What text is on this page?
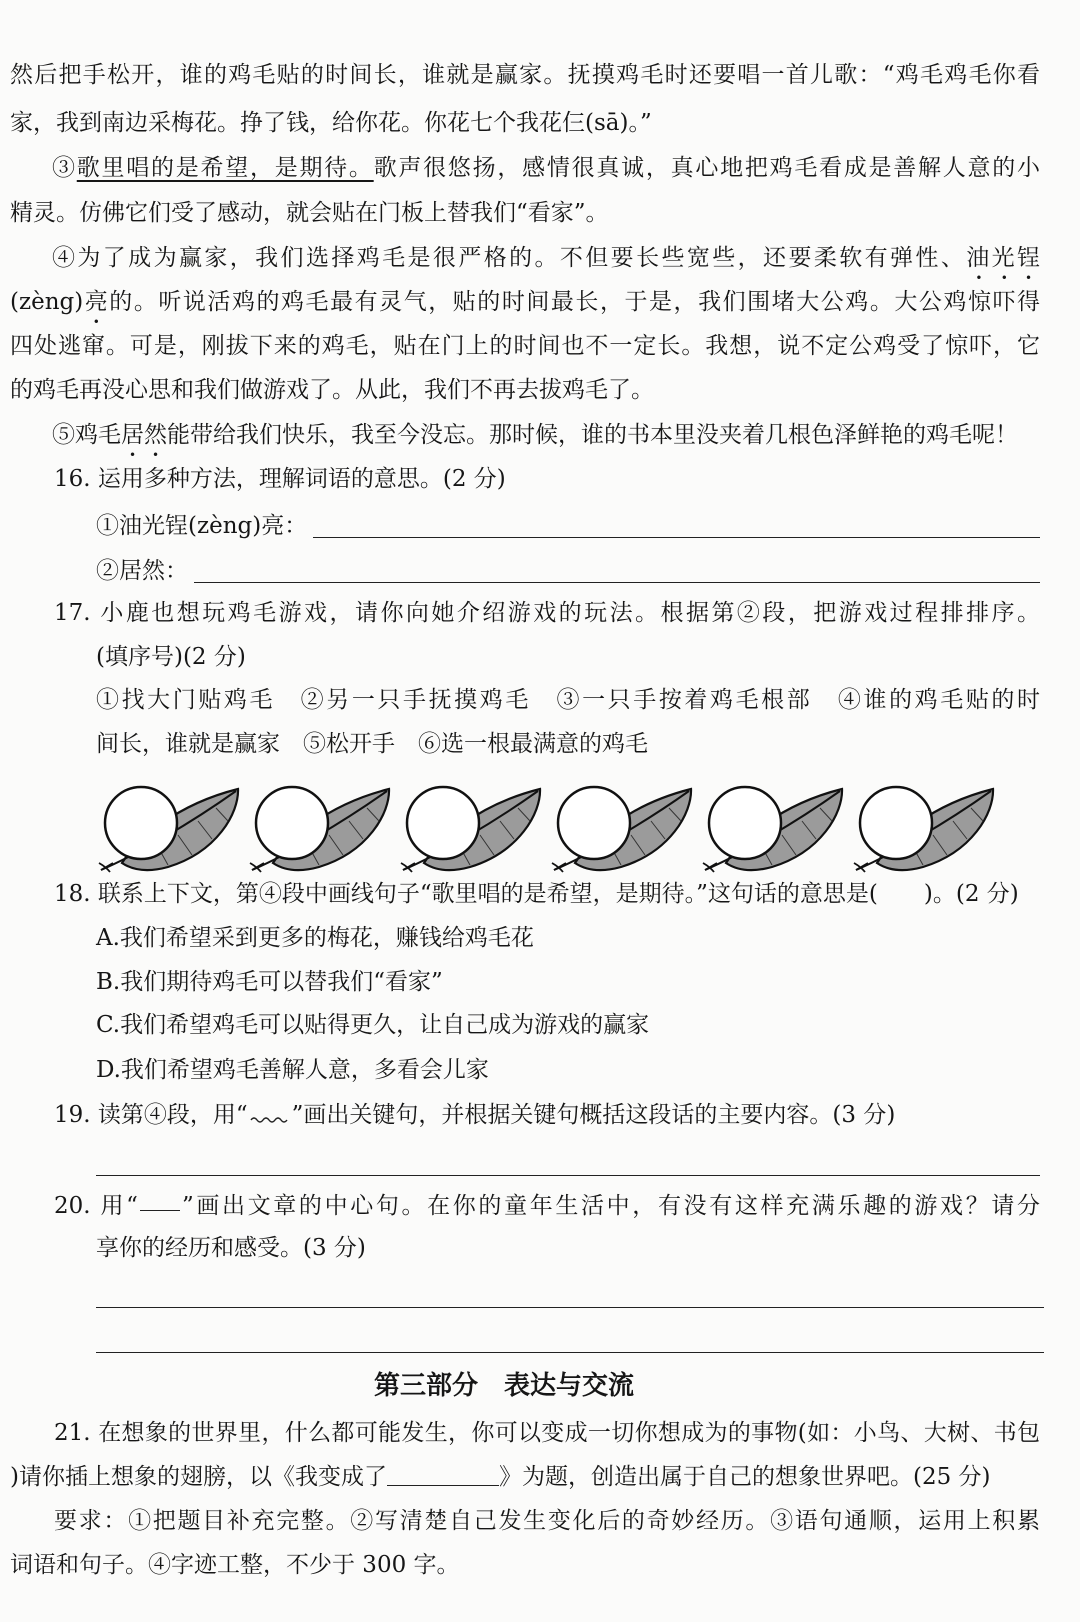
然后把手松开，谁的鸡毛贴的时间长，谁就是赢家。抚摸鸡毛时还要唱一首儿歌：“鸡毛鸡毛你看
家，我到南边采梅花。挣了钱，给你花。你花七个我花仨(sā)。”
③歌里唱的是希望，是期待。歌声很悠扬，感情很真诚，真心地把鸡毛看成是善解人意的小
精灵。仿佛它们受了感动，就会贴在门板上替我们“看家”。
④为了成为赢家，我们选择鸡毛是很严格的。不但要长些宽些，还要柔软有弹性、油光锃
(zèng)亮的。听说活鸡的鸡毛最有灵气，贴的时间最长，于是，我们围堵大公鸡。大公鸡惊吓得
四处逃窜。可是，刚拔下来的鸡毛，贴在门上的时间也不一定长。我想，说不定公鸡受了惊吓，它
的鸡毛再没心思和我们做游戏了。从此，我们不再去拔鸡毛了。
⑤鸡毛居然能带给我们快乐，我至今没忘。那时候，谁的书本里没夹着几根色泽鲜艳的鸡毛呢！
16. 运用多种方法，理解词语的意思。(2 分)
①油光锃(zèng)亮：
②居然：
17. 小鹿也想玩鸡毛游戏，请你向她介绍游戏的玩法。根据第②段，把游戏过程排排序。
(填序号)(2 分)
①找大门贴鸡毛　②另一只手抚摸鸡毛　③一只手按着鸡毛根部　④谁的鸡毛贴的时
间长，谁就是赢家　⑤松开手　⑥选一根最满意的鸡毛
18. 联系上下文，第④段中画线句子“歌里唱的是希望，是期待。”这句话的意思是(　　)。(2 分)
A.我们希望采到更多的梅花，赚钱给鸡毛花
B.我们期待鸡毛可以替我们“看家”
C.我们希望鸡毛可以贴得更久，让自己成为游戏的赢家
D.我们希望鸡毛善解人意，多看会儿家
19. 读第④段，用“ ”画出关键句，并根据关键句概括这段话的主要内容。(3 分)
20. 用“ ”画出文章的中心句。在你的童年生活中，有没有这样充满乐趣的游戏？请分
享你的经历和感受。(3 分)
第三部分　表达与交流
21. 在想象的世界里，什么都可能发生，你可以变成一切你想成为的事物(如：小鸟、大树、书包
)请你插上想象的翅膀，以《我变成了	》为题，创造出属于自己的想象世界吧。(25 分)
要求：①把题目补充完整。②写清楚自己发生变化后的奇妙经历。③语句通顺，运用上积累
词语和句子。④字迹工整，不少于 300 字。
